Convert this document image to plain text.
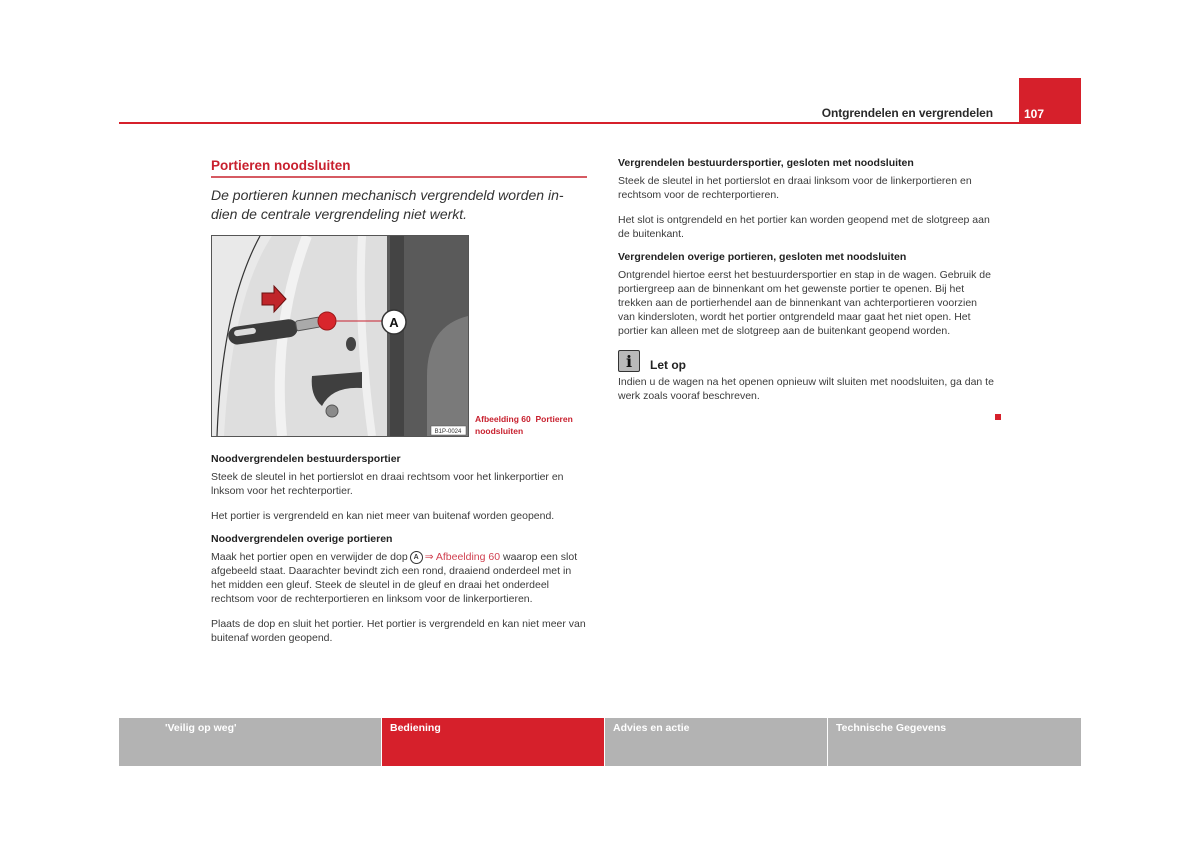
107
Ontgrendelen en vergrendelen
Portieren noodsluiten
De portieren kunnen mechanisch vergrendeld worden in-dien de centrale vergrendeling niet werkt.
A
B1P-0024
Afbeelding 60 Portieren noodsluiten
Noodvergrendelen bestuurdersportier

Steek de sleutel in het portierslot en draai rechtsom voor het linkerportier en lnksom voor het rechterportier.

Het portier is vergrendeld en kan niet meer van buitenaf worden geopend.

Noodvergrendelen overige portieren

Maak het portier open en verwijder de dop A ⇒ Afbeelding 60 waarop een slot afgebeeld staat. Daarachter bevindt zich een rond, draaiend onderdeel met in het midden een gleuf. Steek de sleutel in de gleuf en draai het onderdeel rechtsom voor de rechterportieren en linksom voor de linkerportieren.

Plaats de dop en sluit het portier. Het portier is vergrendeld en kan niet meer van buitenaf worden geopend.

Vergrendelen bestuurdersportier, gesloten met noodsluiten

Steek de sleutel in het portierslot en draai linksom voor de linkerportieren en rechtsom voor de rechterportieren.

Het slot is ontgrendeld en het portier kan worden geopend met de slotgreep aan de buitenkant.

Vergrendelen overige portieren, gesloten met noodsluiten

Ontgrendel hiertoe eerst het bestuurdersportier en stap in de wagen. Gebruik de portiergreep aan de binnenkant om het gewenste portier te openen. Bij het trekken aan de portierhendel aan de binnenkant van achterportieren voorzien van kindersloten, wordt het portier ontgrendeld maar gaat het niet open. Het portier kan alleen met de slotgreep aan de buitenkant geopend worden.

i	Let op

Indien u de wagen na het openen opnieuw wilt sluiten met noodsluiten, ga dan te werk zoals vooraf beschreven.

'Veilig op weg'	Bediening	Advies en actie	Technische Gegevens
